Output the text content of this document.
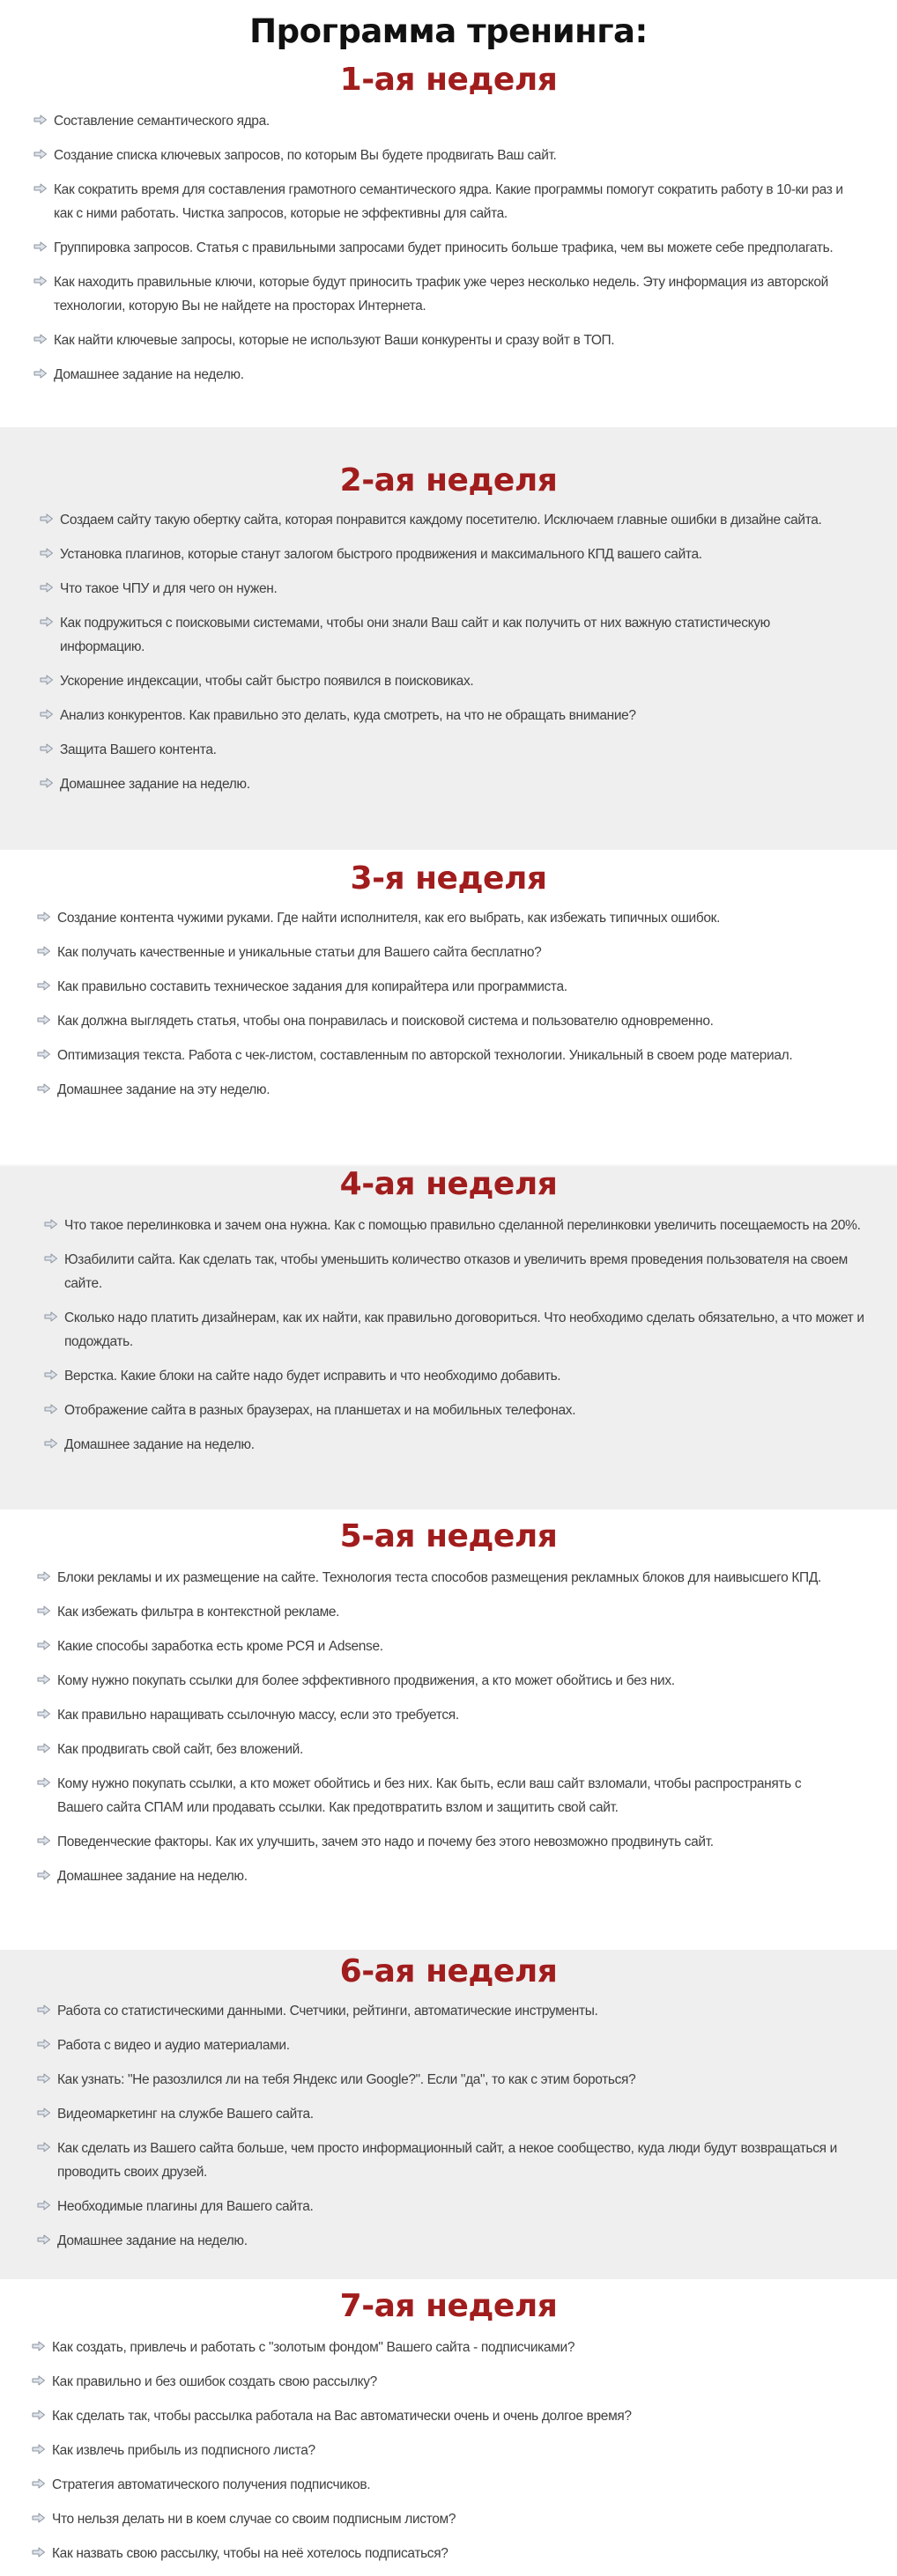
Программа тренинга:
1-ая неделя
Составление семантического ядра.
Создание списка ключевых запросов, по которым Вы будете продвигать Ваш сайт.
Как сократить время для составления грамотного семантического ядра. Какие программы помогут сократить работу в 10-ки раз и как с ними работать. Чистка запросов, которые не эффективны для сайта.
Группировка запросов. Статья с правильными запросами будет приносить больше трафика, чем вы можете себе предполагать.
Как находить правильные ключи, которые будут приносить трафик уже через несколько недель. Эту информация из авторской технологии, которую Вы не найдете на просторах Интернета.
Как найти ключевые запросы, которые не используют Ваши конкуренты и сразу войт в ТОП.
Домашнее задание на неделю.
2-ая неделя
Создаем сайту такую обертку сайта, которая понравится каждому посетителю. Исключаем главные ошибки в дизайне сайта.
Установка плагинов, которые станут залогом быстрого продвижения и максимального КПД вашего сайта.
Что такое ЧПУ и для чего он нужен.
Как подружиться с поисковыми системами, чтобы они знали Ваш сайт и как получить от них важную статистическую информацию.
Ускорение индексации, чтобы сайт быстро появился в поисковиках.
Анализ конкурентов. Как правильно это делать, куда смотреть, на что не обращать внимание?
Защита Вашего контента.
Домашнее задание на неделю.
3-я неделя
Создание контента чужими руками. Где найти исполнителя, как его выбрать, как избежать типичных ошибок.
Как получать качественные и уникальные статьи для Вашего сайта бесплатно?
Как правильно составить техническое задания для копирайтера или программиста.
Как должна выглядеть статья, чтобы она понравилась и поисковой система и пользователю одновременно.
Оптимизация текста. Работа с чек-листом, составленным по авторской технологии. Уникальный в своем роде материал.
Домашнее задание на эту неделю.
4-ая неделя
Что такое перелинковка и зачем она нужна. Как с помощью правильно сделанной перелинковки увеличить посещаемость на 20%.
Юзабилити сайта. Как сделать так, чтобы уменьшить количество отказов и увеличить время проведения пользователя на своем сайте.
Сколько надо платить дизайнерам, как их найти, как правильно договориться. Что необходимо сделать обязательно, а что может и подождать.
Верстка. Какие блоки на сайте надо будет исправить и что необходимо добавить.
Отображение сайта в разных браузерах, на планшетах и на мобильных телефонах.
Домашнее задание на неделю.
5-ая неделя
Блоки рекламы и их размещение на сайте. Технология теста способов размещения рекламных блоков для наивысшего КПД.
Как избежать фильтра в контекстной рекламе.
Какие способы заработка есть кроме РСЯ и Adsense.
Кому нужно покупать ссылки для более эффективного продвижения, а кто может обойтись и без них.
Как правильно наращивать ссылочную массу, если это требуется.
Как продвигать свой сайт, без вложений.
Кому нужно покупать ссылки, а кто может обойтись и без них. Как быть, если ваш сайт взломали, чтобы распространять с Вашего сайта СПАМ или продавать ссылки. Как предотвратить взлом и защитить свой сайт.
Поведенческие факторы. Как их улучшить, зачем это надо и почему без этого невозможно продвинуть сайт.
Домашнее задание на неделю.
6-ая неделя
Работа со статистическими данными. Счетчики, рейтинги, автоматические инструменты.
Работа с видео и аудио материалами.
Как узнать: "Не разозлился ли на тебя Яндекс или Google?". Если "да", то как с этим бороться?
Видеомаркетинг на службе Вашего сайта.
Как сделать из Вашего сайта больше, чем просто информационный сайт, а некое сообщество, куда люди будут возвращаться и проводить своих друзей.
Необходимые плагины для Вашего сайта.
Домашнее задание на неделю.
7-ая неделя
Как создать, привлечь и работать с "золотым фондом" Вашего сайта - подписчиками?
Как правильно и без ошибок создать свою рассылку?
Как сделать так, чтобы рассылка работала на Вас автоматически очень и очень долгое время?
Как извлечь прибыль из подписного листа?
Стратегия автоматического получения подписчиков.
Что нельзя делать ни в коем случае со своим подписным листом?
Как назвать свою рассылку, чтобы на неё хотелось подписаться?
